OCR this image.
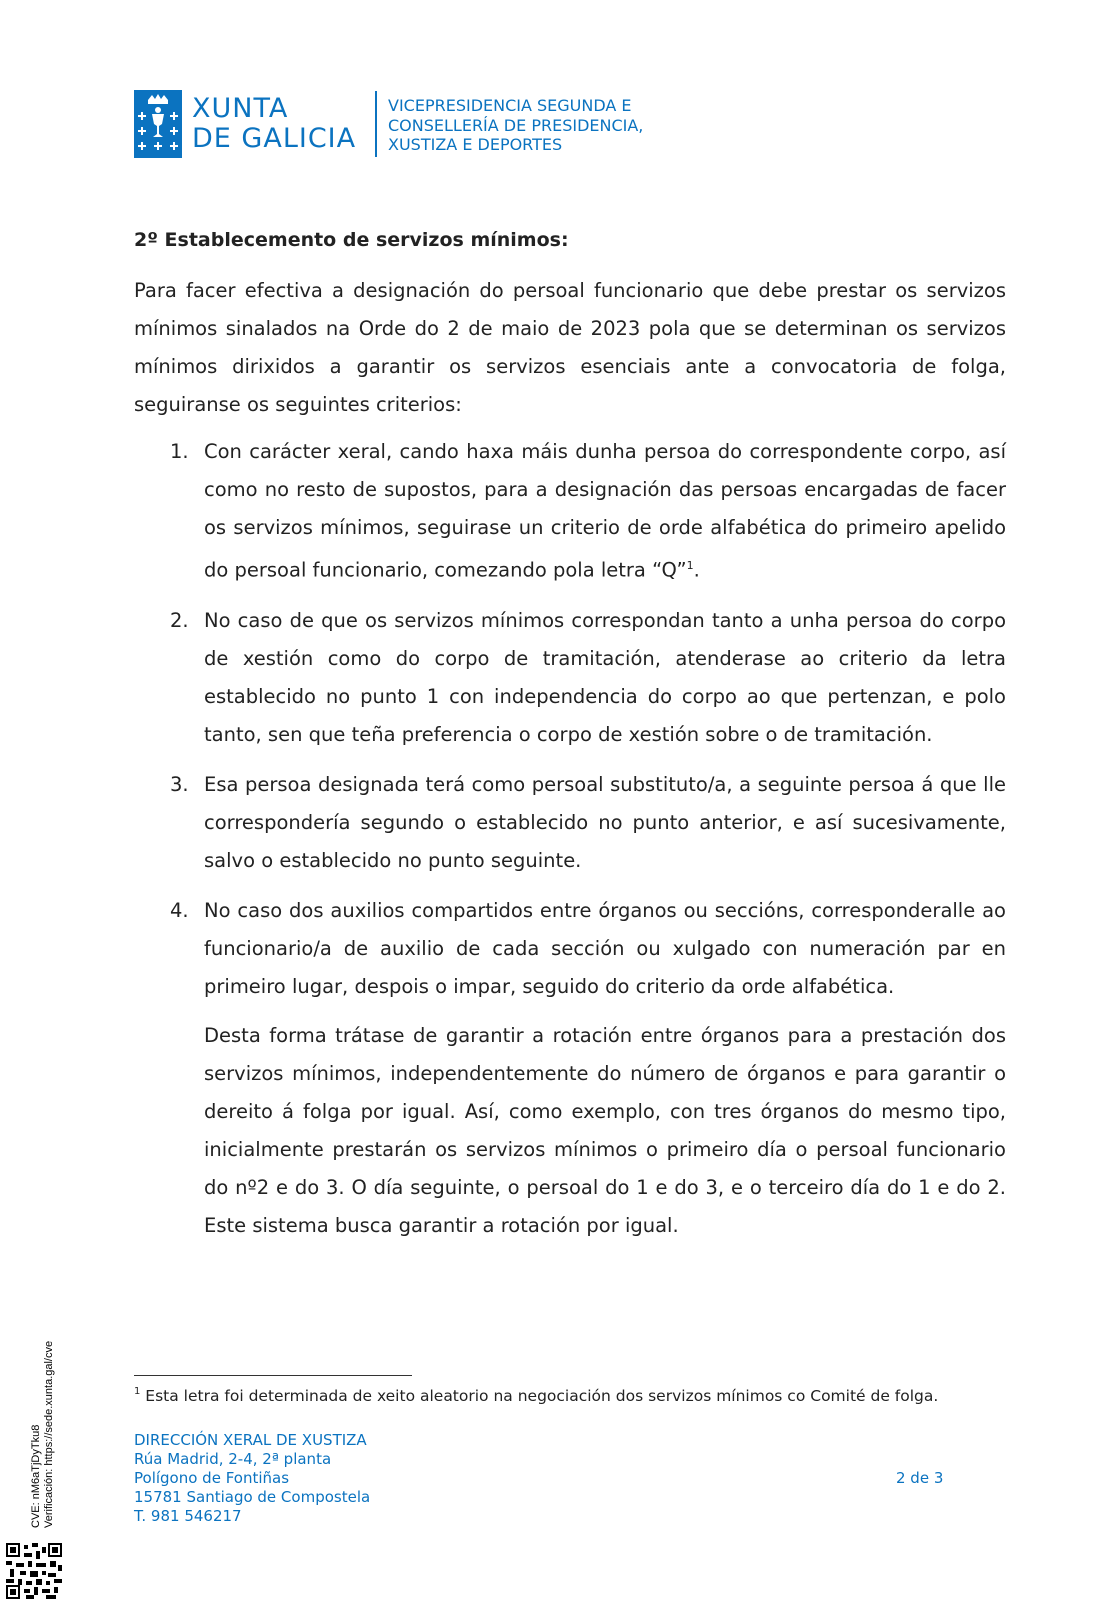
XUNTA
DE GALICIA
VICEPRESIDENCIA SEGUNDA E
CONSELLERÍA DE PRESIDENCIA,
XUSTIZA E DEPORTES
2º Establecemento de servizos mínimos:
Para facer efectiva a designación do persoal funcionario que debe prestar os servizos mínimos sinalados na Orde do 2 de maio de 2023 pola que se determinan os servizos mínimos dirixidos a garantir os servizos esenciais ante a convocatoria de folga, seguiranse os seguintes criterios:
1. Con carácter xeral, cando haxa máis dunha persoa do correspondente corpo, así como no resto de supostos, para a designación das persoas encargadas de facer os servizos mínimos, seguirase un criterio de orde alfabética do primeiro apelido do persoal funcionario, comezando pola letra “Q”$^1$.
2. No caso de que os servizos mínimos correspondan tanto a unha persoa do corpo de xestión como do corpo de tramitación, atenderase ao criterio da letra establecido no punto 1 con independencia do corpo ao que pertenzan, e polo tanto, sen que teña preferencia o corpo de xestión sobre o de tramitación.
3. Esa persoa designada terá como persoal substituto/a, a seguinte persoa á que lle correspondería segundo o establecido no punto anterior, e así sucesivamente, salvo o establecido no punto seguinte.
4. No caso dos auxilios compartidos entre órganos ou seccións, corresponderalle ao funcionario/a de auxilio de cada sección ou xulgado con numeración par en primeiro lugar, despois o impar, seguido do criterio da orde alfabética.
Desta forma trátase de garantir a rotación entre órganos para a prestación dos servizos mínimos, independentemente do número de órganos e para garantir o dereito á folga por igual. Así, como exemplo, con tres órganos do mesmo tipo, inicialmente prestarán os servizos mínimos o primeiro día o persoal funcionario do nº2 e do 3. O día seguinte, o persoal do 1 e do 3, e o terceiro día do 1 e do 2. Este sistema busca garantir a rotación por igual.
$^1$ Esta letra foi determinada de xeito aleatorio na negociación dos servizos mínimos co Comité de folga.
DIRECCIÓN XERAL DE XUSTIZA
Rúa Madrid, 2-4, 2ª planta
Polígono de Fontiñas
15781 Santiago de Compostela
T. 981 546217
2 de 3
CVE: nM6aTjDyTku8 Verificación: https://sede.xunta.gal/cve
